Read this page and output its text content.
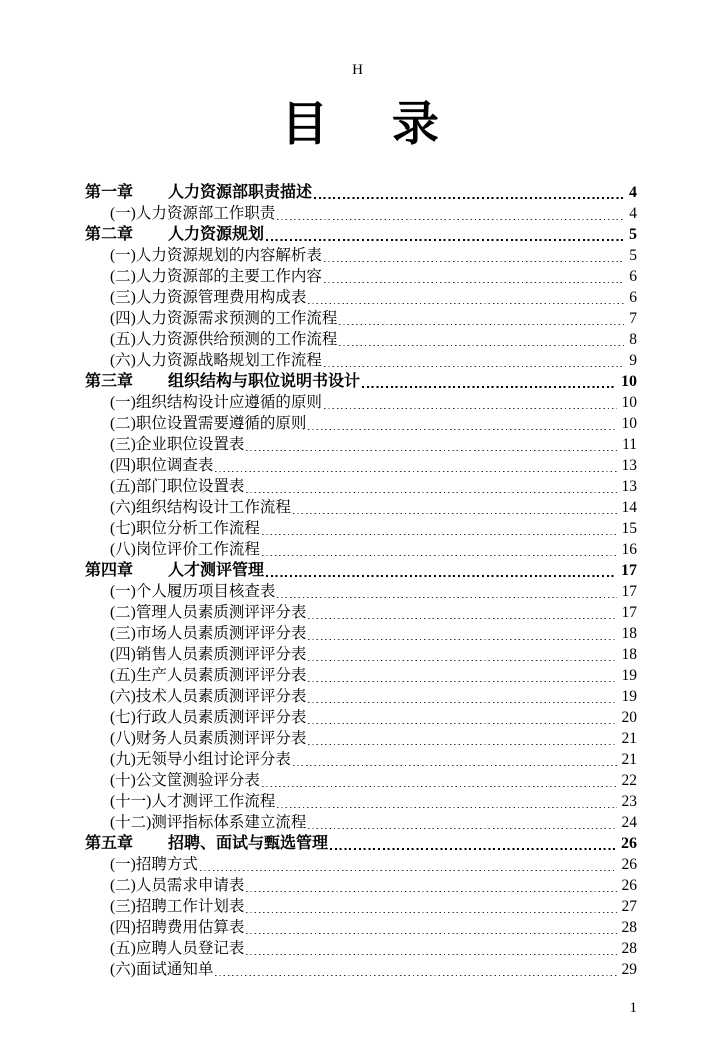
H
目 录
第一章	人力资源部职责描述	4
(一)人力资源部工作职责	4
第二章	人力资源规划	5
(一)人力资源规划的内容解析表	5
(二)人力资源部的主要工作内容	6
(三)人力资源管理费用构成表	6
(四)人力资源需求预测的工作流程	7
(五)人力资源供给预测的工作流程	8
(六)人力资源战略规划工作流程	9
第三章	组织结构与职位说明书设计	10
(一)组织结构设计应遵循的原则	10
(二)职位设置需要遵循的原则	10
(三)企业职位设置表	11
(四)职位调查表	13
(五)部门职位设置表	13
(六)组织结构设计工作流程	14
(七)职位分析工作流程	15
(八)岗位评价工作流程	16
第四章	人才测评管理	17
(一)个人履历项目核查表	17
(二)管理人员素质测评评分表	17
(三)市场人员素质测评评分表	18
(四)销售人员素质测评评分表	18
(五)生产人员素质测评评分表	19
(六)技术人员素质测评评分表	19
(七)行政人员素质测评评分表	20
(八)财务人员素质测评评分表	21
(九)无领导小组讨论评分表	21
(十)公文筐测验评分表	22
(十一)人才测评工作流程	23
(十二)测评指标体系建立流程	24
第五章	招聘、面试与甄选管理	26
(一)招聘方式	26
(二)人员需求申请表	26
(三)招聘工作计划表	27
(四)招聘费用估算表	28
(五)应聘人员登记表	28
(六)面试通知单	29
1
